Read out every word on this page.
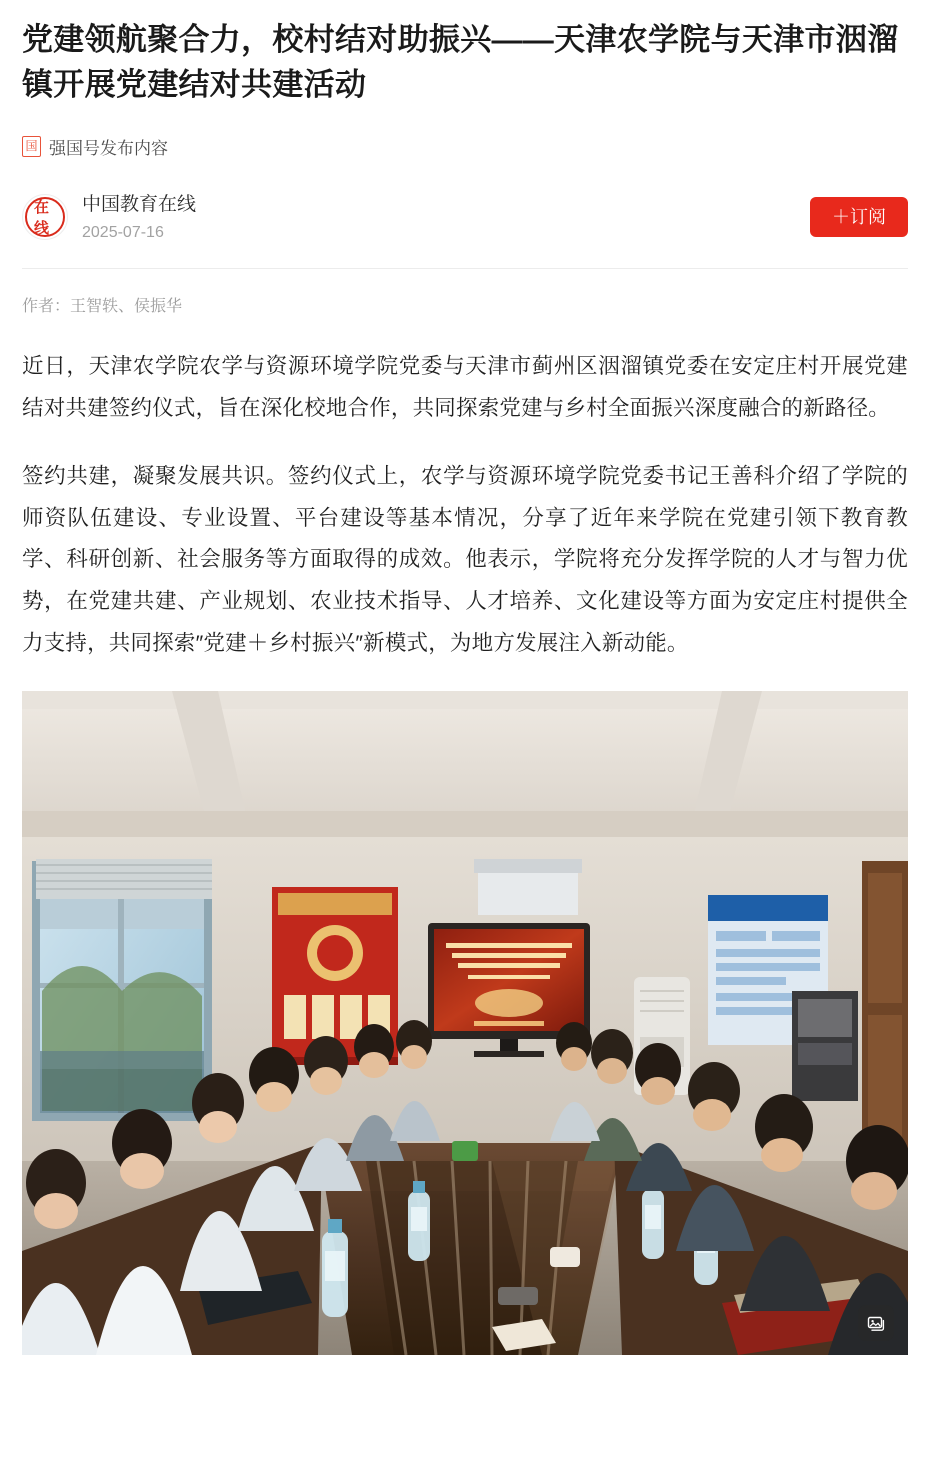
党建领航聚合力，校村结对助振兴——天津农学院与天津市洇溜镇开展党建结对共建活动
国 强国号发布内容
在线
中国教育在线
2025-07-16
＋订阅
作者：王智轶、侯振华

近日，天津农学院农学与资源环境学院党委与天津市蓟州区洇溜镇党委在安定庄村开展党建结对共建签约仪式，旨在深化校地合作，共同探索党建与乡村全面振兴深度融合的新路径。

签约共建，凝聚发展共识。签约仪式上，农学与资源环境学院党委书记王善科介绍了学院的师资队伍建设、专业设置、平台建设等基本情况，分享了近年来学院在党建引领下教育教学、科研创新、社会服务等方面取得的成效。他表示，学院将充分发挥学院的人才与智力优势，在党建共建、产业规划、农业技术指导、人才培养、文化建设等方面为安定庄村提供全力支持，共同探索″党建＋乡村振兴″新模式，为地方发展注入新动能。
